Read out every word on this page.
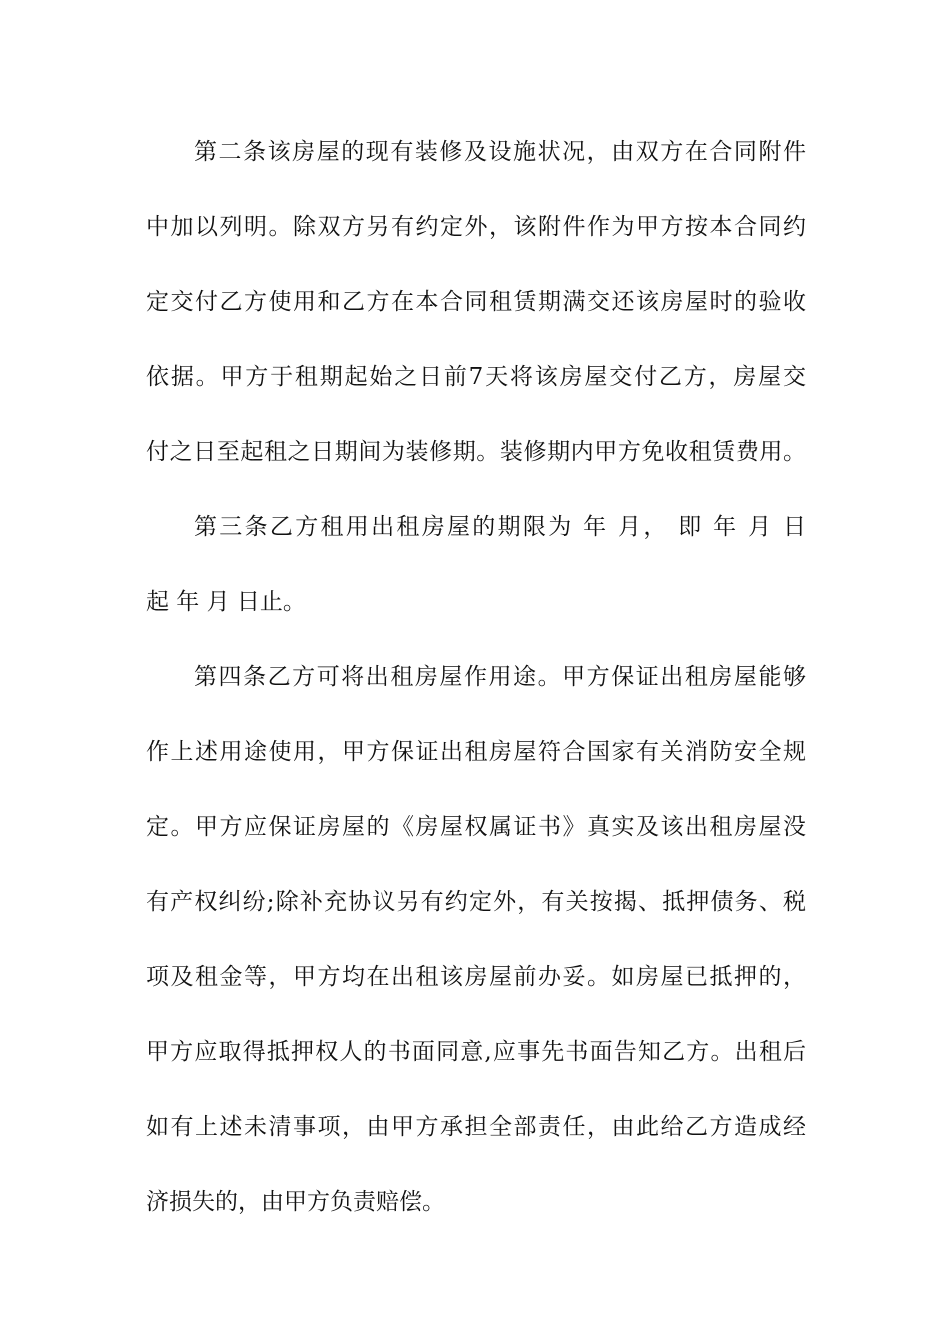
第二条该房屋的现有装修及设施状况，由双方在合同附件
中加以列明。除双方另有约定外，该附件作为甲方按本合同约
定交付乙方使用和乙方在本合同租赁期满交还该房屋时的验收
依据。甲方于租期起始之日前7天将该房屋交付乙方，房屋交
付之日至起租之日期间为装修期。装修期内甲方免收租赁费用。
第三条乙方租用出租房屋的期限为 年 月， 即 年 月 日
起 年 月 日止。
第四条乙方可将出租房屋作用途。甲方保证出租房屋能够
作上述用途使用，甲方保证出租房屋符合国家有关消防安全规
定。甲方应保证房屋的《房屋权属证书》真实及该出租房屋没
有产权纠纷;除补充协议另有约定外，有关按揭、抵押债务、税
项及租金等，甲方均在出租该房屋前办妥。如房屋已抵押的，
甲方应取得抵押权人的书面同意,应事先书面告知乙方。出租后
如有上述未清事项，由甲方承担全部责任，由此给乙方造成经
济损失的，由甲方负责赔偿。
